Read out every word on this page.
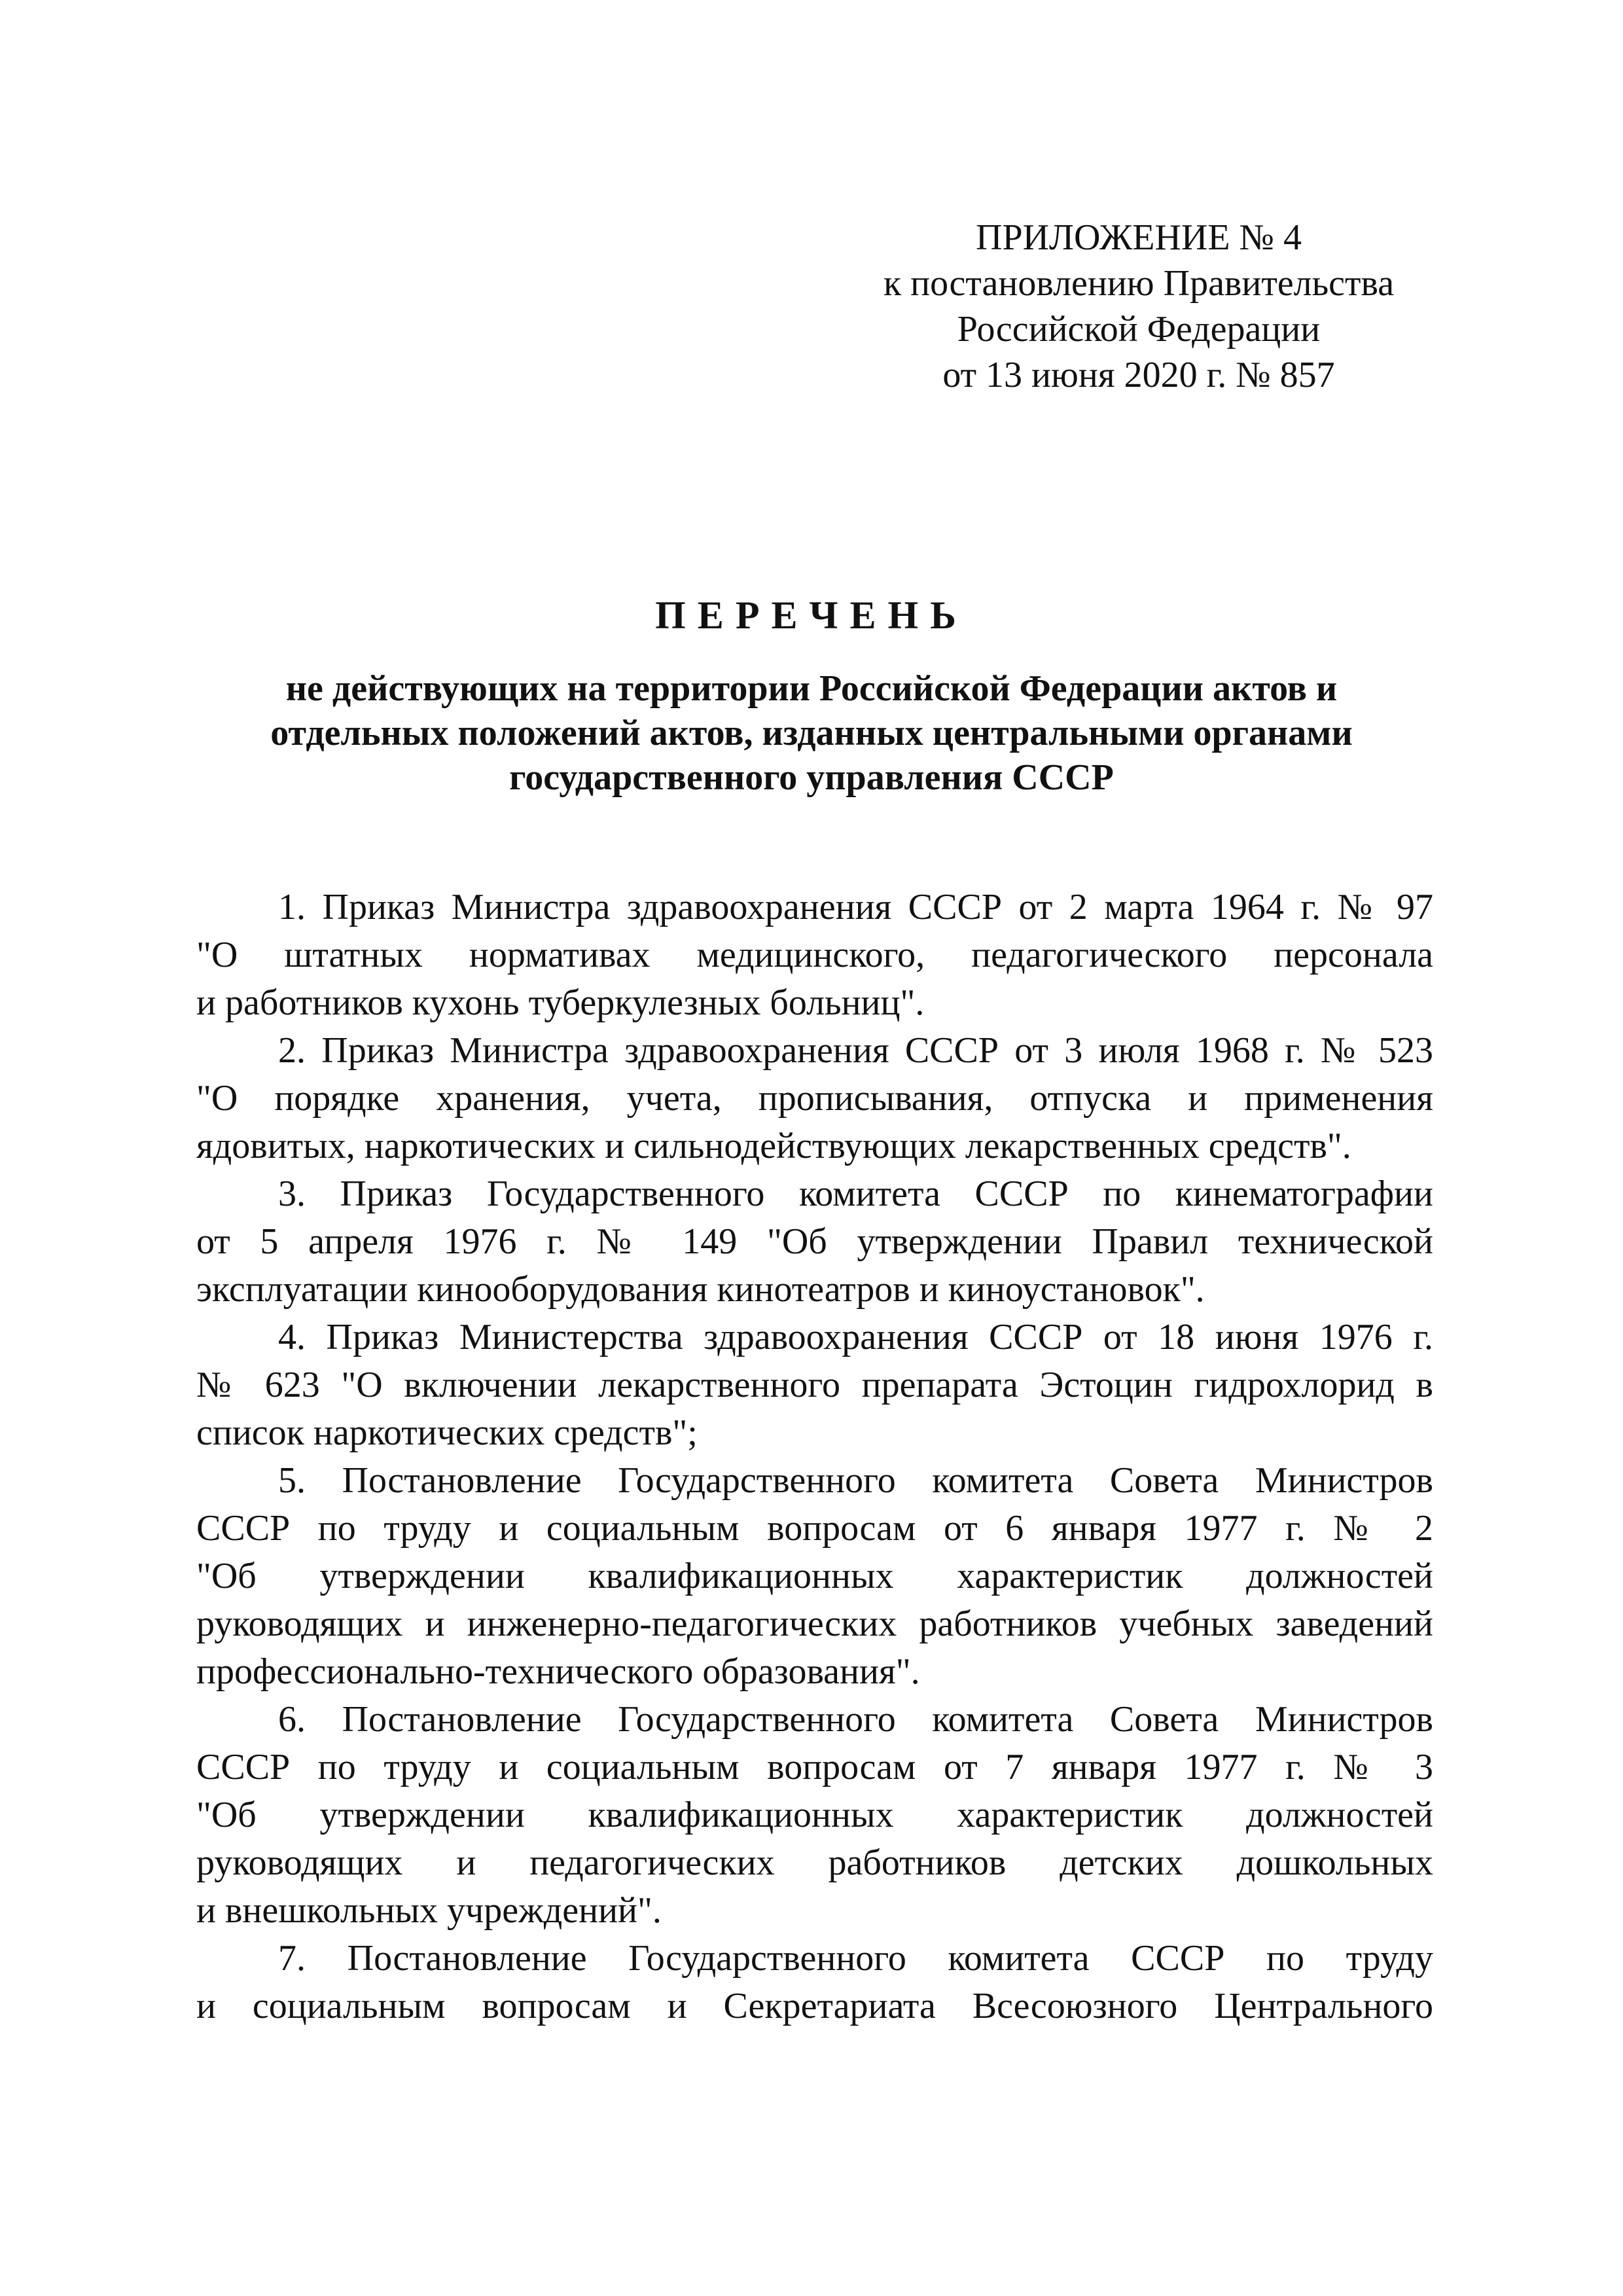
ПРИЛОЖЕНИЕ № 4
к постановлению Правительства
Российской Федерации
от 13 июня 2020 г. № 857
ПЕРЕЧЕНЬ
не действующих на территории Российской Федерации актов и
отдельных положений актов, изданных центральными органами
государственного управления СССР
1. Приказ Министра здравоохранения СССР от 2 марта 1964 г. № 97
"О штатных нормативах медицинского, педагогического персонала
и работников кухонь туберкулезных больниц".
2. Приказ Министра здравоохранения СССР от 3 июля 1968 г. № 523
"О порядке хранения, учета, прописывания, отпуска и применения
ядовитых, наркотических и сильнодействующих лекарственных средств".
3. Приказ Государственного комитета СССР по кинематографии
от 5 апреля 1976 г. № 149 "Об утверждении Правил технической
эксплуатации кинооборудования кинотеатров и киноустановок".
4. Приказ Министерства здравоохранения СССР от 18 июня 1976 г.
№ 623 "О включении лекарственного препарата Эстоцин гидрохлорид в
список наркотических средств";
5. Постановление Государственного комитета Совета Министров
СССР по труду и социальным вопросам от 6 января 1977 г. № 2
"Об утверждении квалификационных характеристик должностей
руководящих и инженерно-педагогических работников учебных заведений
профессионально-технического образования".
6. Постановление Государственного комитета Совета Министров
СССР по труду и социальным вопросам от 7 января 1977 г. № 3
"Об утверждении квалификационных характеристик должностей
руководящих и педагогических работников детских дошкольных
и внешкольных учреждений".
7. Постановление Государственного комитета СССР по труду
и социальным вопросам и Секретариата Всесоюзного Центрального
